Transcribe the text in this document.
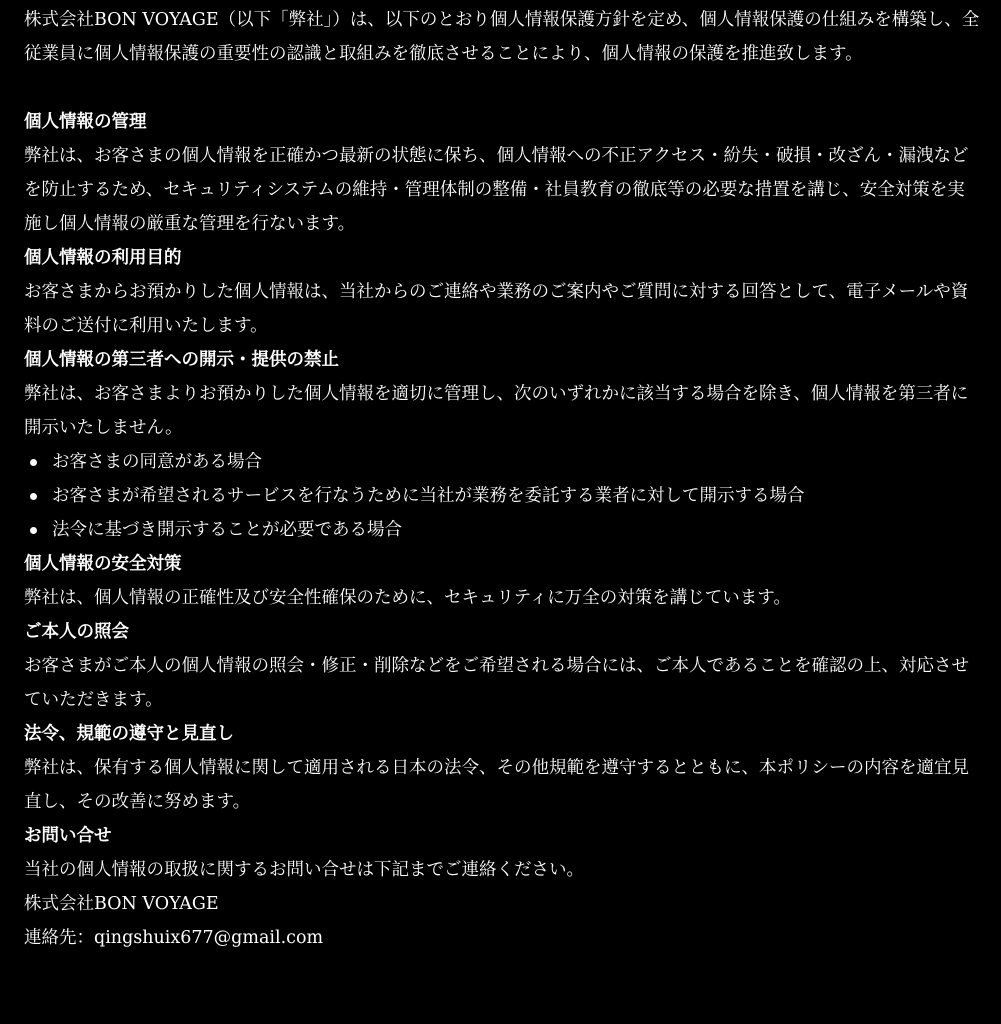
株式会社BON VOYAGE（以下「弊社」）は、以下のとおり個人情報保護方針を定め、個人情報保護の仕組みを構築し、全従業員に個人情報保護の重要性の認識と取組みを徹底させることにより、個人情報の保護を推進致します。

個人情報の管理

弊社は、お客さまの個人情報を正確かつ最新の状態に保ち、個人情報への不正アクセス・紛失・破損・改ざん・漏洩などを防止するため、セキュリティシステムの維持・管理体制の整備・社員教育の徹底等の必要な措置を講じ、安全対策を実施し個人情報の厳重な管理を行ないます。

個人情報の利用目的

お客さまからお預かりした個人情報は、当社からのご連絡や業務のご案内やご質問に対する回答として、電子メールや資料のご送付に利用いたします。

個人情報の第三者への開示・提供の禁止

弊社は、お客さまよりお預かりした個人情報を適切に管理し、次のいずれかに該当する場合を除き、個人情報を第三者に開示いたしません。

お客さまの同意がある場合
お客さまが希望されるサービスを行なうために当社が業務を委託する業者に対して開示する場合
法令に基づき開示することが必要である場合
個人情報の安全対策

弊社は、個人情報の正確性及び安全性確保のために、セキュリティに万全の対策を講じています。

ご本人の照会

お客さまがご本人の個人情報の照会・修正・削除などをご希望される場合には、ご本人であることを確認の上、対応させていただきます。

法令、規範の遵守と見直し

弊社は、保有する個人情報に関して適用される日本の法令、その他規範を遵守するとともに、本ポリシーの内容を適宜見直し、その改善に努めます。

お問い合せ

当社の個人情報の取扱に関するお問い合せは下記までご連絡ください。

株式会社BON VOYAGE

連絡先：qingshuix677@gmail.com
